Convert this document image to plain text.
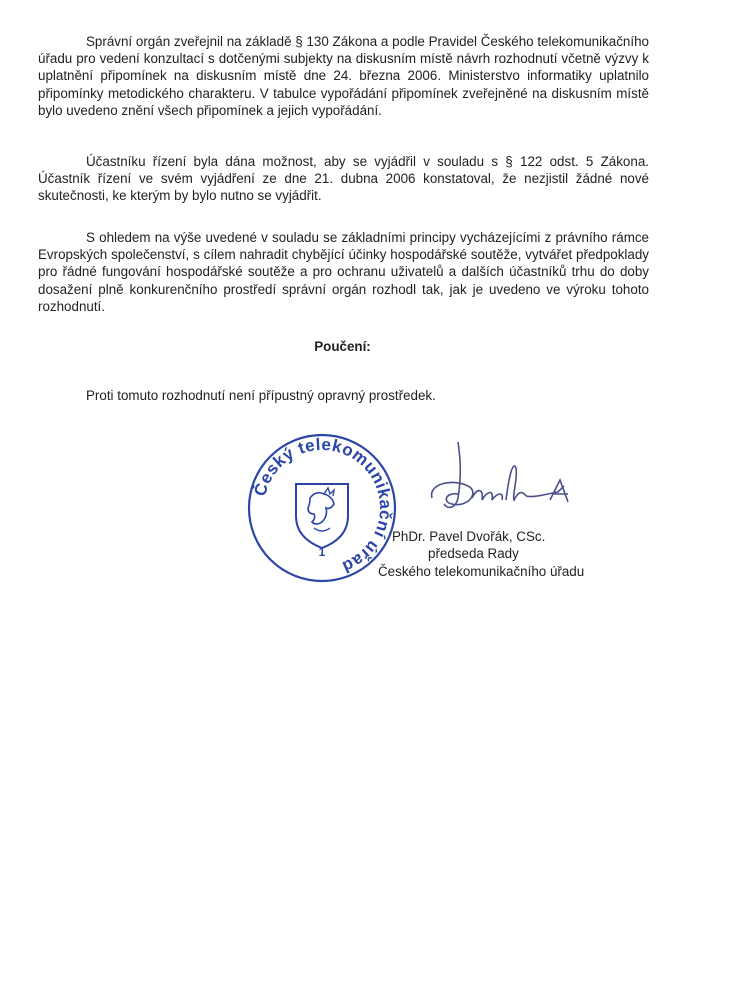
Správní orgán zveřejnil na základě § 130 Zákona a podle Pravidel Českého telekomunikačního úřadu pro vedení konzultací s dotčenými subjekty na diskusním místě návrh rozhodnutí včetně výzvy k uplatnění připomínek na diskusním místě dne 24. března 2006. Ministerstvo informatiky uplatnilo připomínky metodického charakteru. V tabulce vypořádání připomínek zveřejněné na diskusním místě bylo uvedeno znění všech připomínek a jejich vypořádání.

Účastníku řízení byla dána možnost, aby se vyjádřil v souladu s § 122 odst. 5 Zákona. Účastník řízení ve svém vyjádření ze dne 21. dubna 2006 konstatoval, že nezjistil žádné nové skutečnosti, ke kterým by bylo nutno se vyjádřit.

S ohledem na výše uvedené v souladu se základními principy vycházejícími z právního rámce Evropských společenství, s cílem nahradit chybějící účinky hospodářské soutěže, vytvářet předpoklady pro řádné fungování hospodářské soutěže a pro ochranu uživatelů a dalších účastníků trhu do doby dosažení plně konkurenčního prostředí správní orgán rozhodl tak, jak je uvedeno ve výroku tohoto rozhodnutí.

Poučení:

Proti tomuto rozhodnutí není přípustný opravný prostředek.

Český telekomunikační úřad
1
PhDr. Pavel Dvořák, CSc.
předseda Rady
Českého telekomunikačního úřadu
